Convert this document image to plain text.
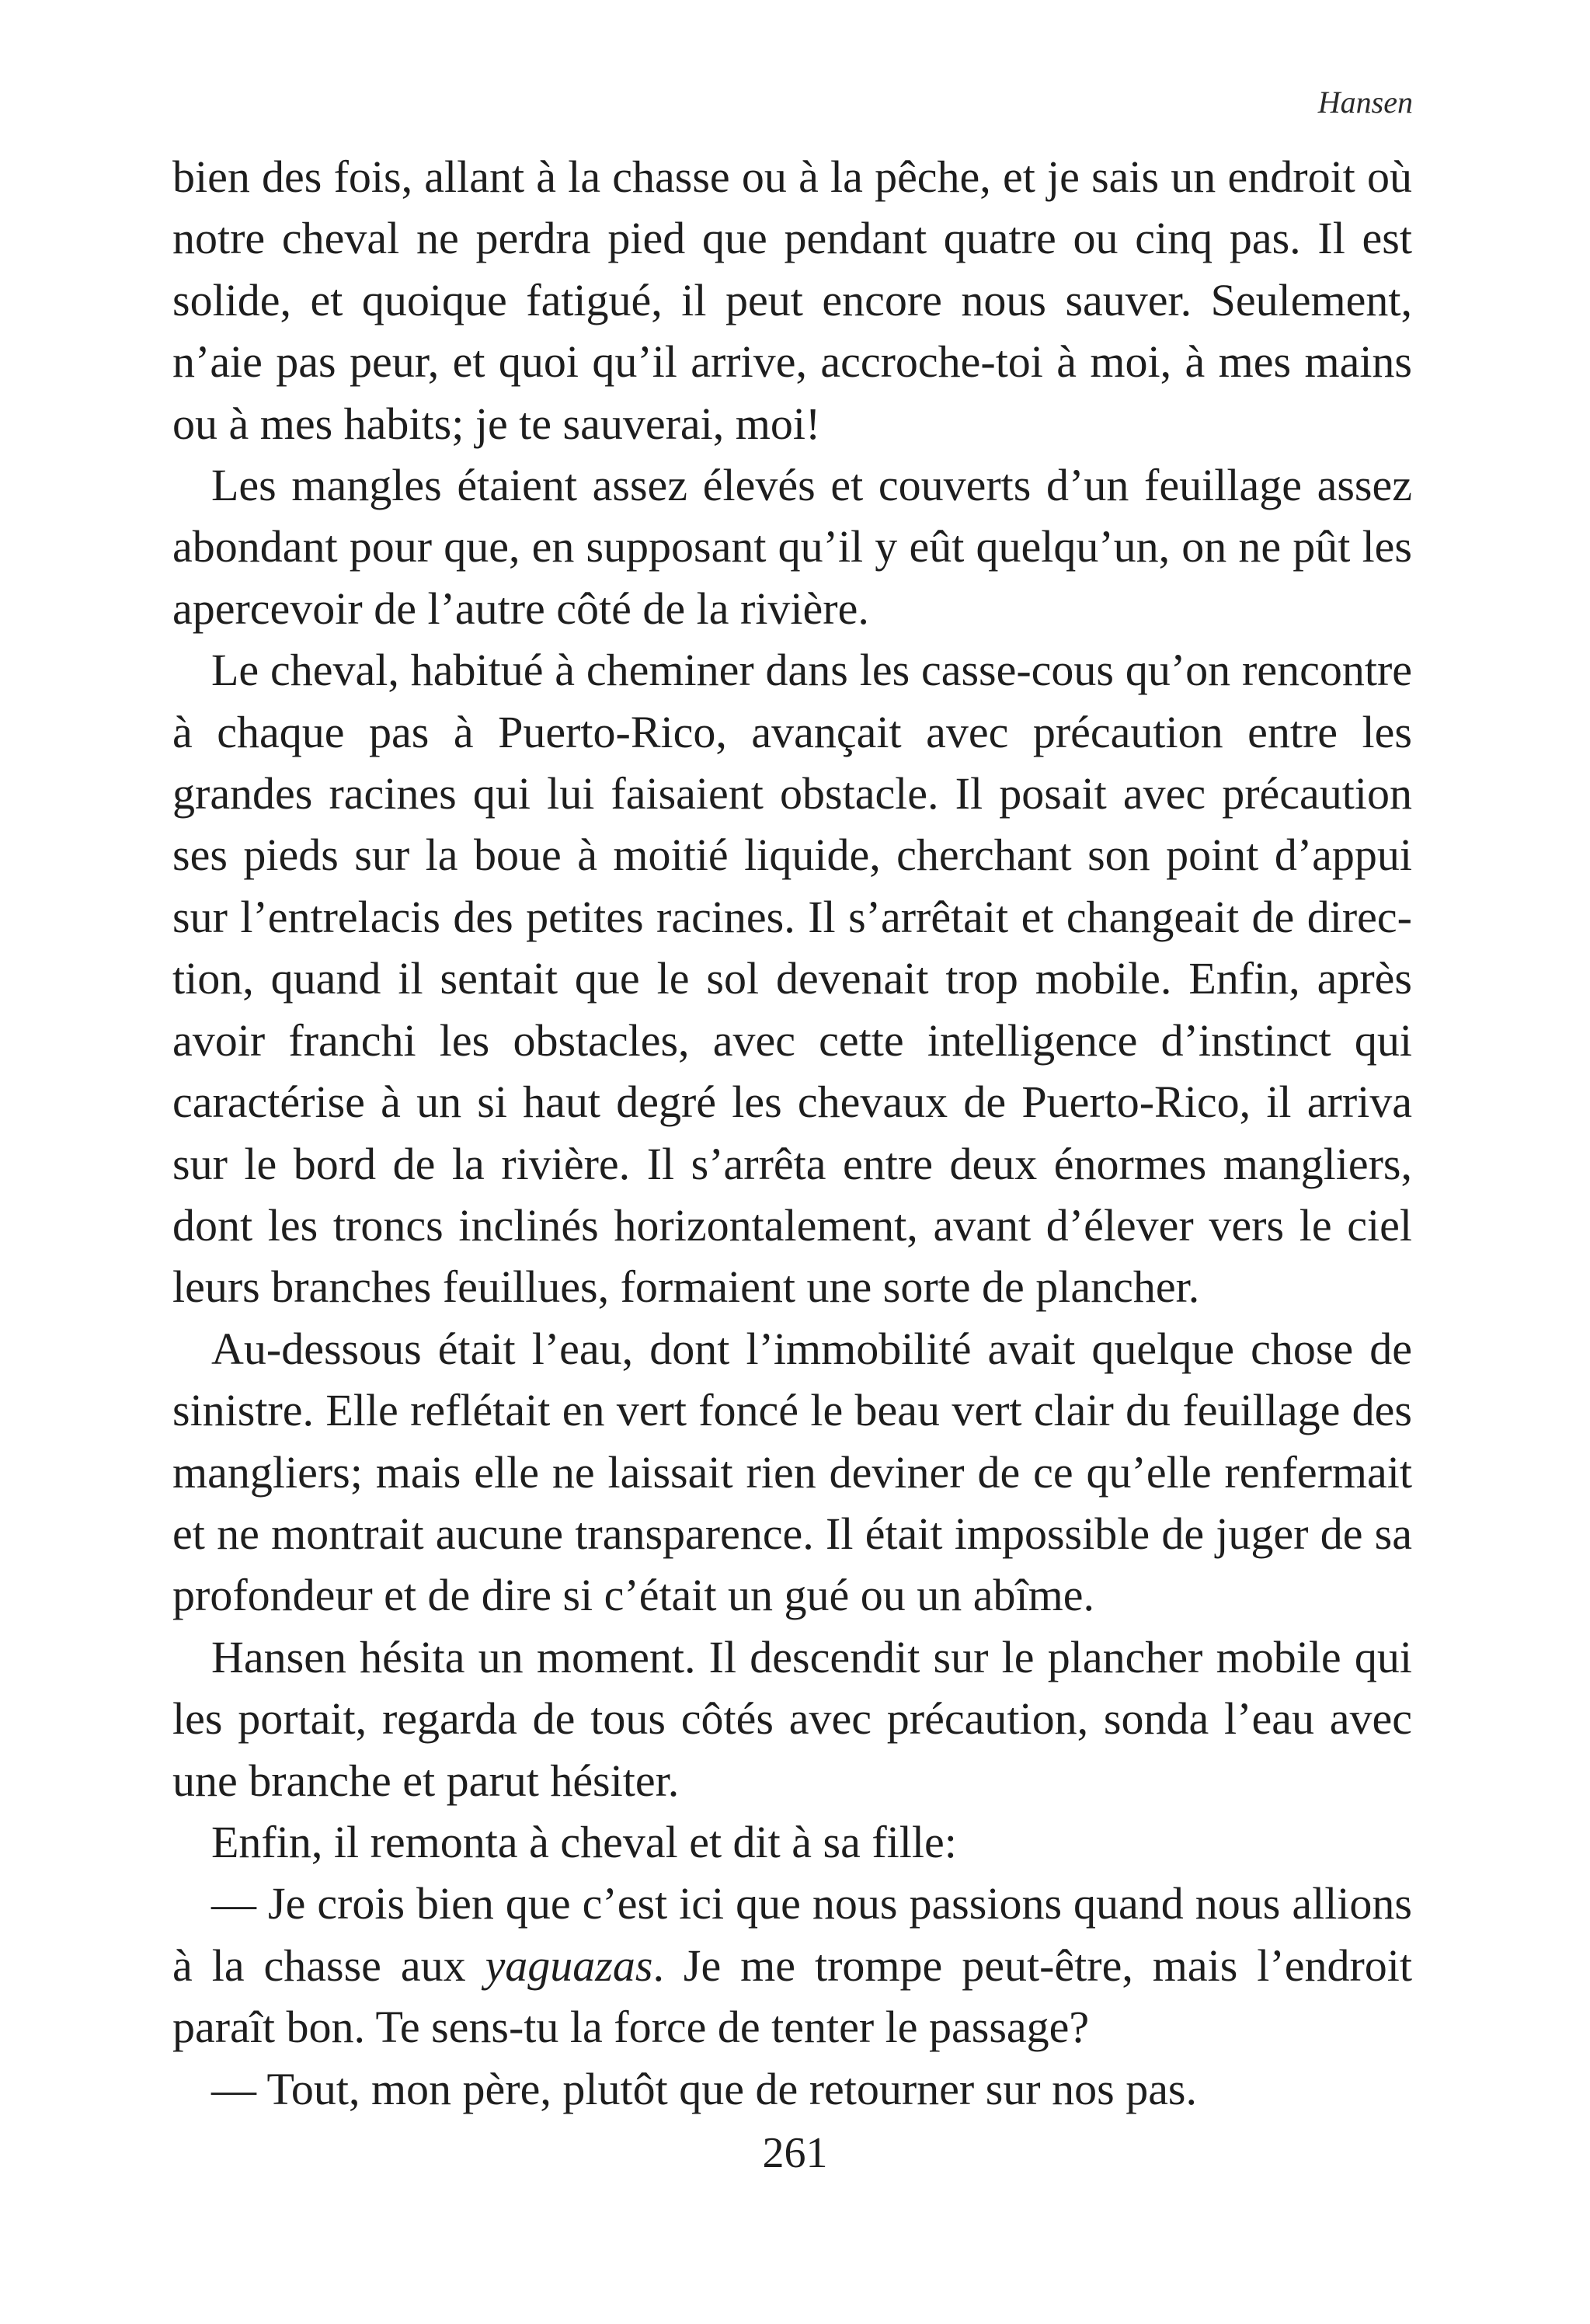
Hansen

bien des fois, allant à la chasse ou à la pêche, et je sais un endroit où notre cheval ne perdra pied que pendant quatre ou cinq pas. Il est solide, et quoique fatigué, il peut encore nous sauver. Seulement, n’aie pas peur, et quoi qu’il arrive, accroche-toi à moi, à mes mains ou à mes habits; je te sauverai, moi!

Les mangles étaient assez élevés et couverts d’un feuillage assez abondant pour que, en supposant qu’il y eût quelqu’un, on ne pût les apercevoir de l’autre côté de la rivière.

Le cheval, habitué à cheminer dans les casse-cous qu’on rencontre à chaque pas à Puerto-Rico, avançait avec précaution entre les grandes racines qui lui faisaient obstacle. Il posait avec précaution ses pieds sur la boue à moitié liquide, cherchant son point d’appui sur l’entrelacis des petites racines. Il s’arrêtait et changeait de direction, quand il sentait que le sol devenait trop mobile. Enfin, après avoir franchi les obstacles, avec cette intelligence d’instinct qui caractérise à un si haut degré les chevaux de Puerto-Rico, il arriva sur le bord de la rivière. Il s’arrêta entre deux énormes mangliers, dont les troncs inclinés horizontalement, avant d’élever vers le ciel leurs branches feuillues, formaient une sorte de plancher.

Au-dessous était l’eau, dont l’immobilité avait quelque chose de sinistre. Elle reflétait en vert foncé le beau vert clair du feuillage des mangliers; mais elle ne laissait rien deviner de ce qu’elle renfermait et ne montrait aucune transparence. Il était impossible de juger de sa profondeur et de dire si c’était un gué ou un abîme.

Hansen hésita un moment. Il descendit sur le plancher mobile qui les portait, regarda de tous côtés avec précaution, sonda l’eau avec une branche et parut hésiter.

Enfin, il remonta à cheval et dit à sa fille:

— Je crois bien que c’est ici que nous passions quand nous allions à la chasse aux yaguazas. Je me trompe peut-être, mais l’endroit paraît bon. Te sens-tu la force de tenter le passage?

— Tout, mon père, plutôt que de retourner sur nos pas.

261
